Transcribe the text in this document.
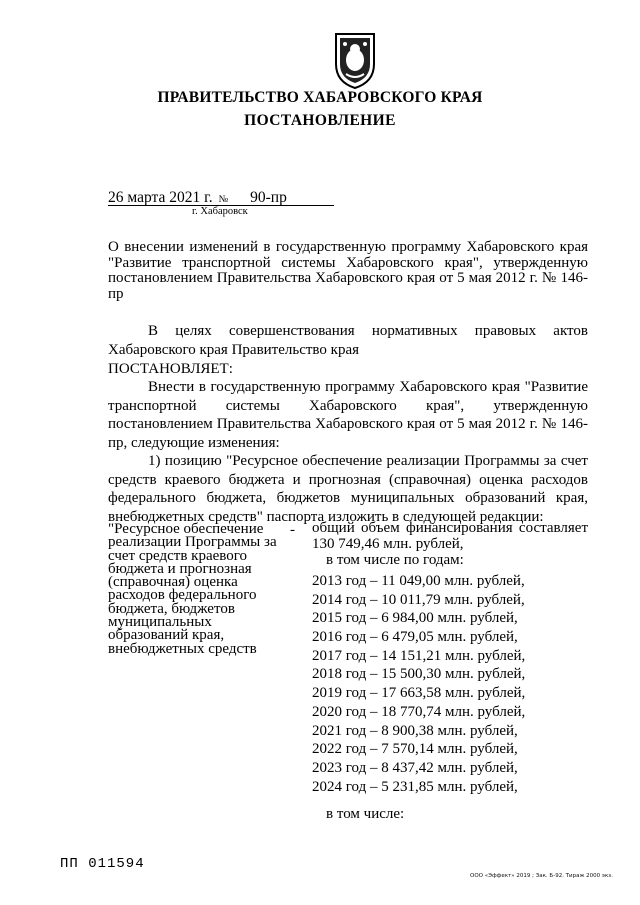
ПРАВИТЕЛЬСТВО ХАБАРОВСКОГО КРАЯ
ПОСТАНОВЛЕНИЕ
26 марта 2021 г. № 90-пр
г. Хабаровск
О внесении изменений в государственную программу Хабаровского края "Развитие транспортной системы Хабаровского края", утвержденную постановлением Правительства Хабаровского края от 5 мая 2012 г. № 146-пр
В целях совершенствования нормативных правовых актов Хабаровского края Правительство края
ПОСТАНОВЛЯЕТ:
Внести в государственную программу Хабаровского края "Развитие транспортной системы Хабаровского края", утвержденную постановлением Правительства Хабаровского края от 5 мая 2012 г. № 146-пр, следующие изменения:
1) позицию "Ресурсное обеспечение реализации Программы за счет средств краевого бюджета и прогнозная (справочная) оценка расходов федерального бюджета, бюджетов муниципальных образований края, внебюджетных средств" паспорта изложить в следующей редакции:
"Ресурсное обеспечение реализации Программы за счет средств краевого бюджета и прогнозная (справочная) оценка расходов федерального бюджета, бюджетов муниципальных образований края, внебюджетных средств
- общий объем финансирования составляет 130 749,46 млн. рублей,
в том числе по годам:
2013 год – 11 049,00 млн. рублей,
2014 год – 10 011,79 млн. рублей,
2015 год – 6 984,00 млн. рублей,
2016 год – 6 479,05 млн. рублей,
2017 год – 14 151,21 млн. рублей,
2018 год – 15 500,30 млн. рублей,
2019 год – 17 663,58 млн. рублей,
2020 год – 18 770,74 млн. рублей,
2021 год – 8 900,38 млн. рублей,
2022 год – 7 570,14 млн. рублей,
2023 год – 8 437,42 млн. рублей,
2024 год – 5 231,85 млн. рублей,
в том числе:
ПП 011594
ООО «Эффект» 2019 ; Зак. Б-92. Тираж 2000 экз.
